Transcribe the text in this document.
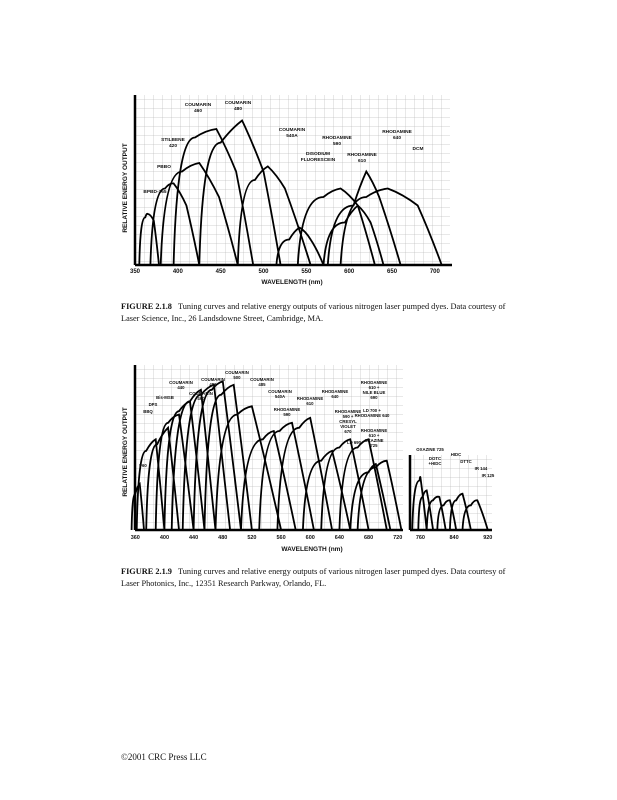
350	400	450	500	550	600	650	700
WAVELENGTH (nm)
RELATIVE ENERGY OUTPUT
COUMARIN
460
COUMARIN
480
COUMARIN
540A
STILBENE
420
PBBO
BPBD-365
DISODIUM
FLUORESCEIN
RHODAMINE
590
RHODAMINE
610
RHODAMINE
640
DCM
FIGURE 2.1.8 Tuning curves and relative energy outputs of various nitrogen laser pumped dyes. Data courtesy of Laser Science, Inc., 26 Landsdowne Street, Cambridge, MA.
360	400	440	480	520	560	600	640	680	720 760	840	920
WAVELENGTH (nm)
RELATIVE ENERGY OUTPUT
COUMARIN
500
COUMARIN
481
COUMARIN
485
COUMARIN
440
COUMARIN
460
Bis-MSB
DPS
BBQ
P60
COUMARIN
540A
RHODAMINE
640
RHODAMINE
610
RHODAMINE
590
RHODAMINE
610 +
NILE BLUE
690
LD 700 +
RHODAMINE 640
RHODAMINE
590 +
CRESYL
VIOLET
670
LD 690
RHODAMINE
610 +
OXAZINE
725
OXAZINE 725
DOTC
+HIDC
HIDC
DTTC
IR 144
IR 125
FIGURE 2.1.9 Tuning curves and relative energy outputs of various nitrogen laser pumped dyes. Data courtesy of Laser Photonics, Inc., 12351 Research Parkway, Orlando, FL.
©2001 CRC Press LLC
